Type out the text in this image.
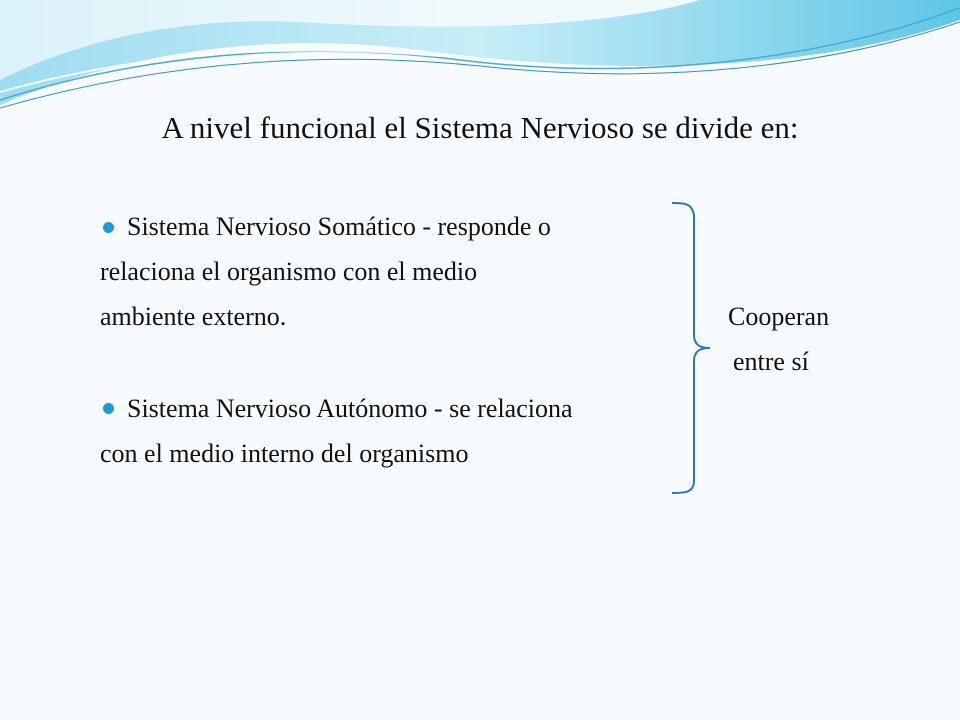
A nivel funcional el Sistema Nervioso se divide en:
Sistema Nervioso Somático - responde o
relaciona el organismo con el medio
ambiente externo.
Sistema Nervioso Autónomo - se relaciona
con el medio interno del organismo
Cooperan
entre sí
